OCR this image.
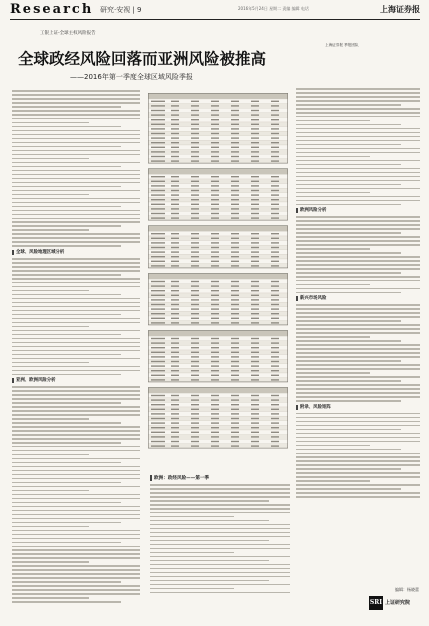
Research 研究·安视 | 9	2016年5月24日 星期二 责编 编辑 电话	上海证券报
工银上证-全球主权风险报告
全球政经风险回落而亚洲风险被推高
——2016年第一季度全球区域风险季报
上海证券报 季报团队
全球、风险地理区域分析
亚洲、欧洲风险分析
欧洲风险分析
新兴市场风险
附录、风险矩阵
欧洲：政经风险——第一季
编辑：杨晓蕾
SRI 上证研究院
